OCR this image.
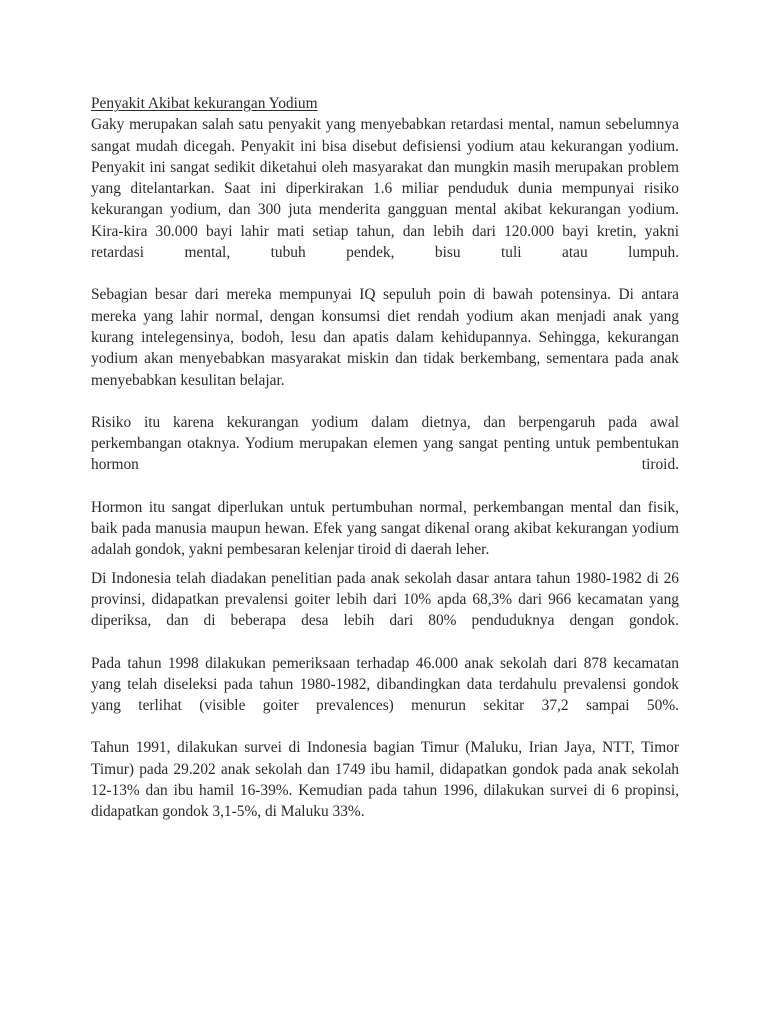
Penyakit Akibat kekurangan Yodium

Gaky merupakan salah satu penyakit yang menyebabkan retardasi mental, namun sebelumnya sangat mudah dicegah. Penyakit ini bisa disebut defisiensi yodium atau kekurangan yodium. Penyakit ini sangat sedikit diketahui oleh masyarakat dan mungkin masih merupakan problem yang ditelantarkan. Saat ini diperkirakan 1.6 miliar penduduk dunia mempunyai risiko kekurangan yodium, dan 300 juta menderita gangguan mental akibat kekurangan yodium. Kira-kira 30.000 bayi lahir mati setiap tahun, dan lebih dari 120.000 bayi kretin, yakni retardasi mental, tubuh pendek, bisu tuli atau lumpuh.

Sebagian besar dari mereka mempunyai IQ sepuluh poin di bawah potensinya. Di antara mereka yang lahir normal, dengan konsumsi diet rendah yodium akan menjadi anak yang kurang intelegensinya, bodoh, lesu dan apatis dalam kehidupannya. Sehingga, kekurangan yodium akan menyebabkan masyarakat miskin dan tidak berkembang, sementara pada anak menyebabkan kesulitan belajar.

Risiko itu karena kekurangan yodium dalam dietnya, dan berpengaruh pada awal perkembangan otaknya. Yodium merupakan elemen yang sangat penting untuk pembentukan hormon tiroid.

Hormon itu sangat diperlukan untuk pertumbuhan normal, perkembangan mental dan fisik, baik pada manusia maupun hewan. Efek yang sangat dikenal orang akibat kekurangan yodium adalah gondok, yakni pembesaran kelenjar tiroid di daerah leher.

Di Indonesia telah diadakan penelitian pada anak sekolah dasar antara tahun 1980-1982 di 26 provinsi, didapatkan prevalensi goiter lebih dari 10% apda 68,3% dari 966 kecamatan yang diperiksa, dan di beberapa desa lebih dari 80% penduduknya dengan gondok.

Pada tahun 1998 dilakukan pemeriksaan terhadap 46.000 anak sekolah dari 878 kecamatan yang telah diseleksi pada tahun 1980-1982, dibandingkan data terdahulu prevalensi gondok yang terlihat (visible goiter prevalences) menurun sekitar 37,2 sampai 50%.

Tahun 1991, dilakukan survei di Indonesia bagian Timur (Maluku, Irian Jaya, NTT, Timor Timur) pada 29.202 anak sekolah dan 1749 ibu hamil, didapatkan gondok pada anak sekolah 12-13% dan ibu hamil 16-39%. Kemudian pada tahun 1996, dilakukan survei di 6 propinsi, didapatkan gondok 3,1-5%, di Maluku 33%.
